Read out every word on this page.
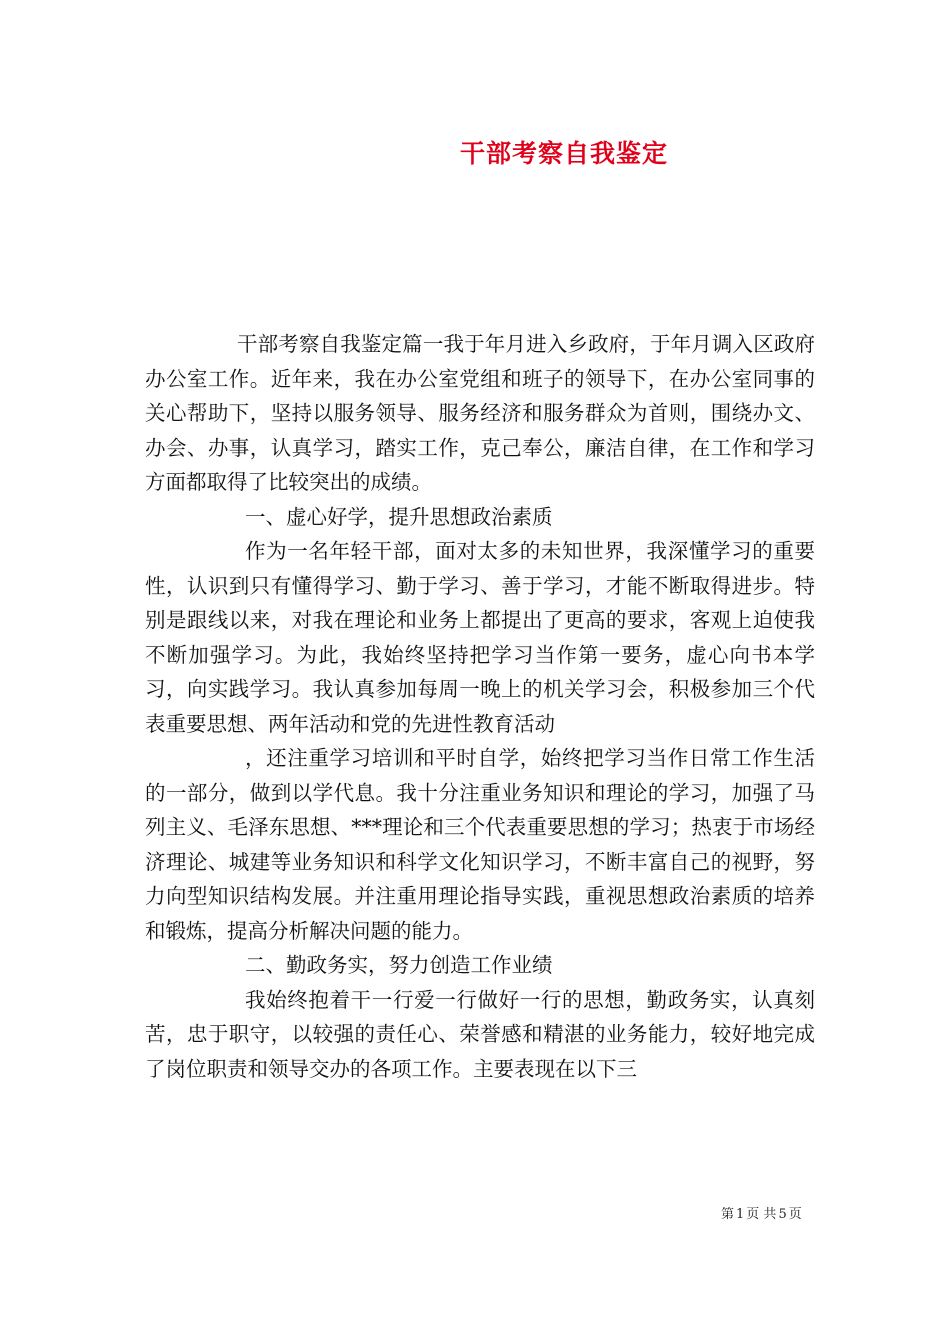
干部考察自我鉴定

干部考察自我鉴定篇一我于年月进入乡政府，于年月调入区政府办公室工作。近年来，我在办公室党组和班子的领导下，在办公室同事的关心帮助下，坚持以服务领导、服务经济和服务群众为首则，围绕办文、办会、办事，认真学习，踏实工作，克己奉公，廉洁自律，在工作和学习方面都取得了比较突出的成绩。

一、虚心好学，提升思想政治素质

作为一名年轻干部，面对太多的未知世界，我深懂学习的重要性，认识到只有懂得学习、勤于学习、善于学习，才能不断取得进步。特别是跟线以来，对我在理论和业务上都提出了更高的要求，客观上迫使我不断加强学习。为此，我始终坚持把学习当作第一要务，虚心向书本学习，向实践学习。我认真参加每周一晚上的机关学习会，积极参加三个代表重要思想、两年活动和党的先进性教育活动

，还注重学习培训和平时自学，始终把学习当作日常工作生活的一部分，做到以学代息。我十分注重业务知识和理论的学习，加强了马列主义、毛泽东思想、***理论和三个代表重要思想的学习；热衷于市场经济理论、城建等业务知识和科学文化知识学习，不断丰富自己的视野，努力向型知识结构发展。并注重用理论指导实践，重视思想政治素质的培养和锻炼，提高分析解决问题的能力。

二、勤政务实，努力创造工作业绩

我始终抱着干一行爱一行做好一行的思想，勤政务实，认真刻苦，忠于职守，以较强的责任心、荣誉感和精湛的业务能力，较好地完成了岗位职责和领导交办的各项工作。主要表现在以下三

第 1 页 共 5 页
